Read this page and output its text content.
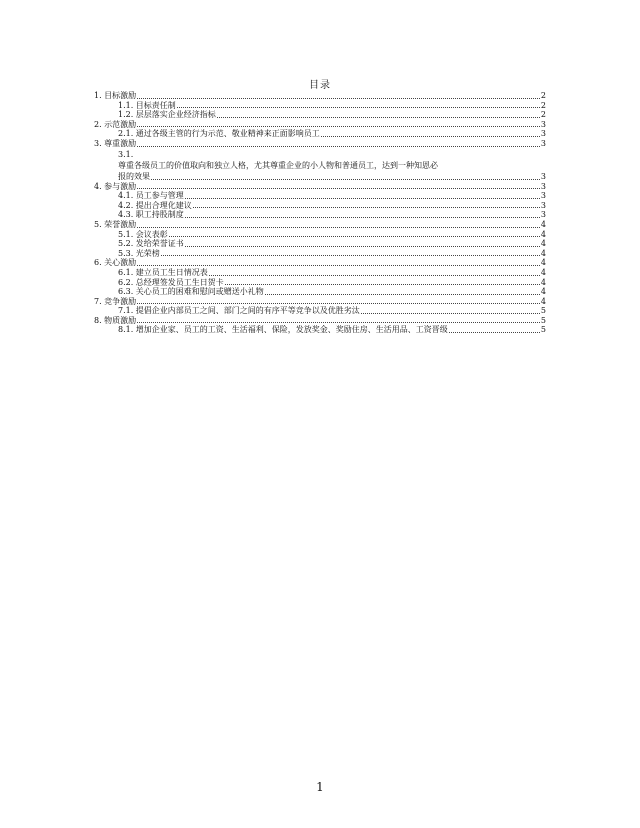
目录
1. 目标激励	2
1.1. 目标责任制	2
1.2. 层层落实企业经济指标	2
2. 示范激励	3
2.1. 通过各级主管的行为示范、敬业精神来正面影响员工	3
3. 尊重激励	3
3.1.
尊重各级员工的价值取向和独立人格，尤其尊重企业的小人物和普通员工，达到一种知恩必
报的效果	3
4. 参与激励	3
4.1. 员工参与管理	3
4.2. 提出合理化建议	3
4.3. 职工持股制度	3
5. 荣誉激励	4
5.1. 会议表彰	4
5.2. 发给荣誉证书	4
5.3. 光荣榜	4
6. 关心激励	4
6.1. 建立员工生日情况表	4
6.2. 总经理签发员工生日贺卡	4
6.3. 关心员工的困难和慰问或赠送小礼物	4
7. 竞争激励	4
7.1. 提倡企业内部员工之间、部门之间的有序平等竞争以及优胜劣汰	5
8. 物质激励	5
8.1. 增加企业家、员工的工资、生活福利、保险，发放奖金、奖励住房、生活用品、工资晋级	5
1
